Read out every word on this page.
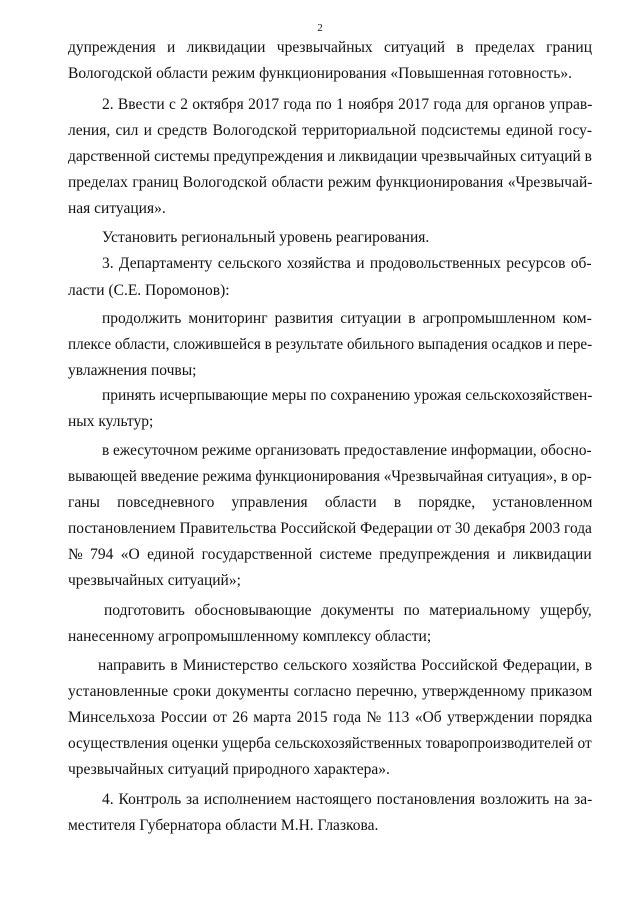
2
дупреждения и ликвидации чрезвычайных ситуаций в пределах границ
Вологодской области режим функционирования «Повышенная готовность».
2. Ввести с 2 октября 2017 года по 1 ноября 2017 года для органов управ-
ления, сил и средств Вологодской территориальной подсистемы единой госу-
дарственной системы предупреждения и ликвидации чрезвычайных ситуаций в
пределах границ Вологодской области режим функционирования «Чрезвычай-
ная ситуация».
Установить региональный уровень реагирования.
3. Департаменту сельского хозяйства и продовольственных ресурсов об-
ласти (С.Е. Поромонов):
продолжить мониторинг развития ситуации в агропромышленном ком-
плексе области, сложившейся в результате обильного выпадения осадков и пере-
увлажнения почвы;
принять исчерпывающие меры по сохранению урожая сельскохозяйствен-
ных культур;
в ежесуточном режиме организовать предоставление информации, обосно-
вывающей введение режима функционирования «Чрезвычайная ситуация», в ор-
ганы повседневного управления области в порядке, установленном
постановлением Правительства Российской Федерации от 30 декабря 2003 года
№ 794 «О единой государственной системе предупреждения и ликвидации
чрезвычайных ситуаций»;
подготовить обосновывающие документы по материальному ущербу,
нанесенному агропромышленному комплексу области;
направить в Министерство сельского хозяйства Российской Федерации, в
установленные сроки документы согласно перечню, утвержденному приказом
Минсельхоза России от 26 марта 2015 года № 113 «Об утверждении порядка
осуществления оценки ущерба сельскохозяйственных товаропроизводителей от
чрезвычайных ситуаций природного характера».
4. Контроль за исполнением настоящего постановления возложить на за-
местителя Губернатора области М.Н. Глазкова.
